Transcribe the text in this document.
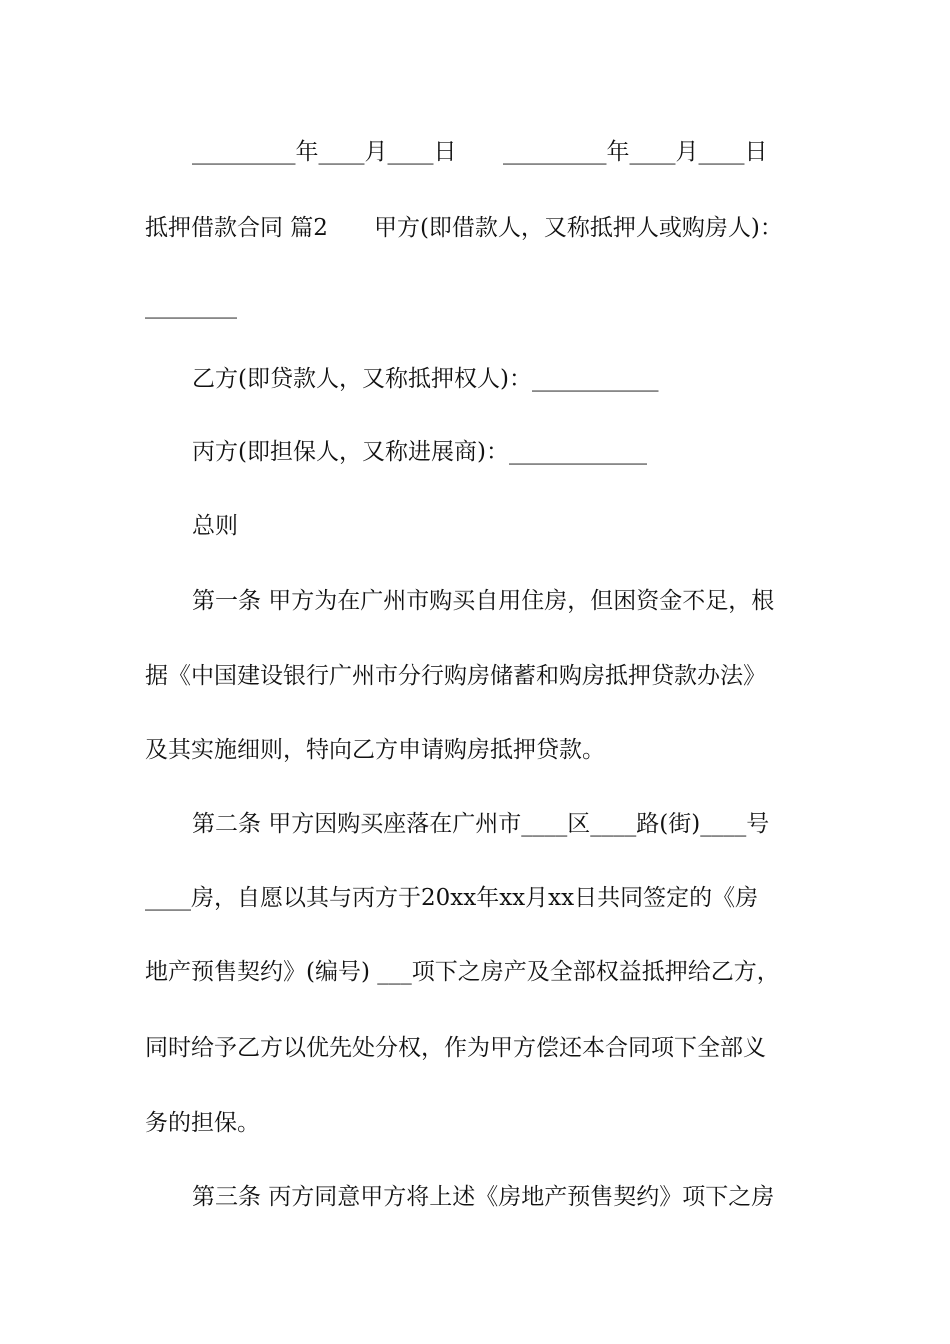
_________年____月____日 _________年____月____日
抵押借款合同 篇2　　甲方(即借款人，又称抵押人或购房人)：
________
乙方(即贷款人，又称抵押权人)：___________
丙方(即担保人，又称进展商)：____________
总则
第一条 甲方为在广州市购买自用住房，但困资金不足，根
据《中国建设银行广州市分行购房储蓄和购房抵押贷款办法》
及其实施细则，特向乙方申请购房抵押贷款。
第二条 甲方因购买座落在广州市____区____路(街)____号
____房，自愿以其与丙方于20xx年xx月xx日共同签定的《房
地产预售契约》(编号) ___项下之房产及全部权益抵押给乙方，
同时给予乙方以优先处分权，作为甲方偿还本合同项下全部义
务的担保。
第三条 丙方同意甲方将上述《房地产预售契约》项下之房
